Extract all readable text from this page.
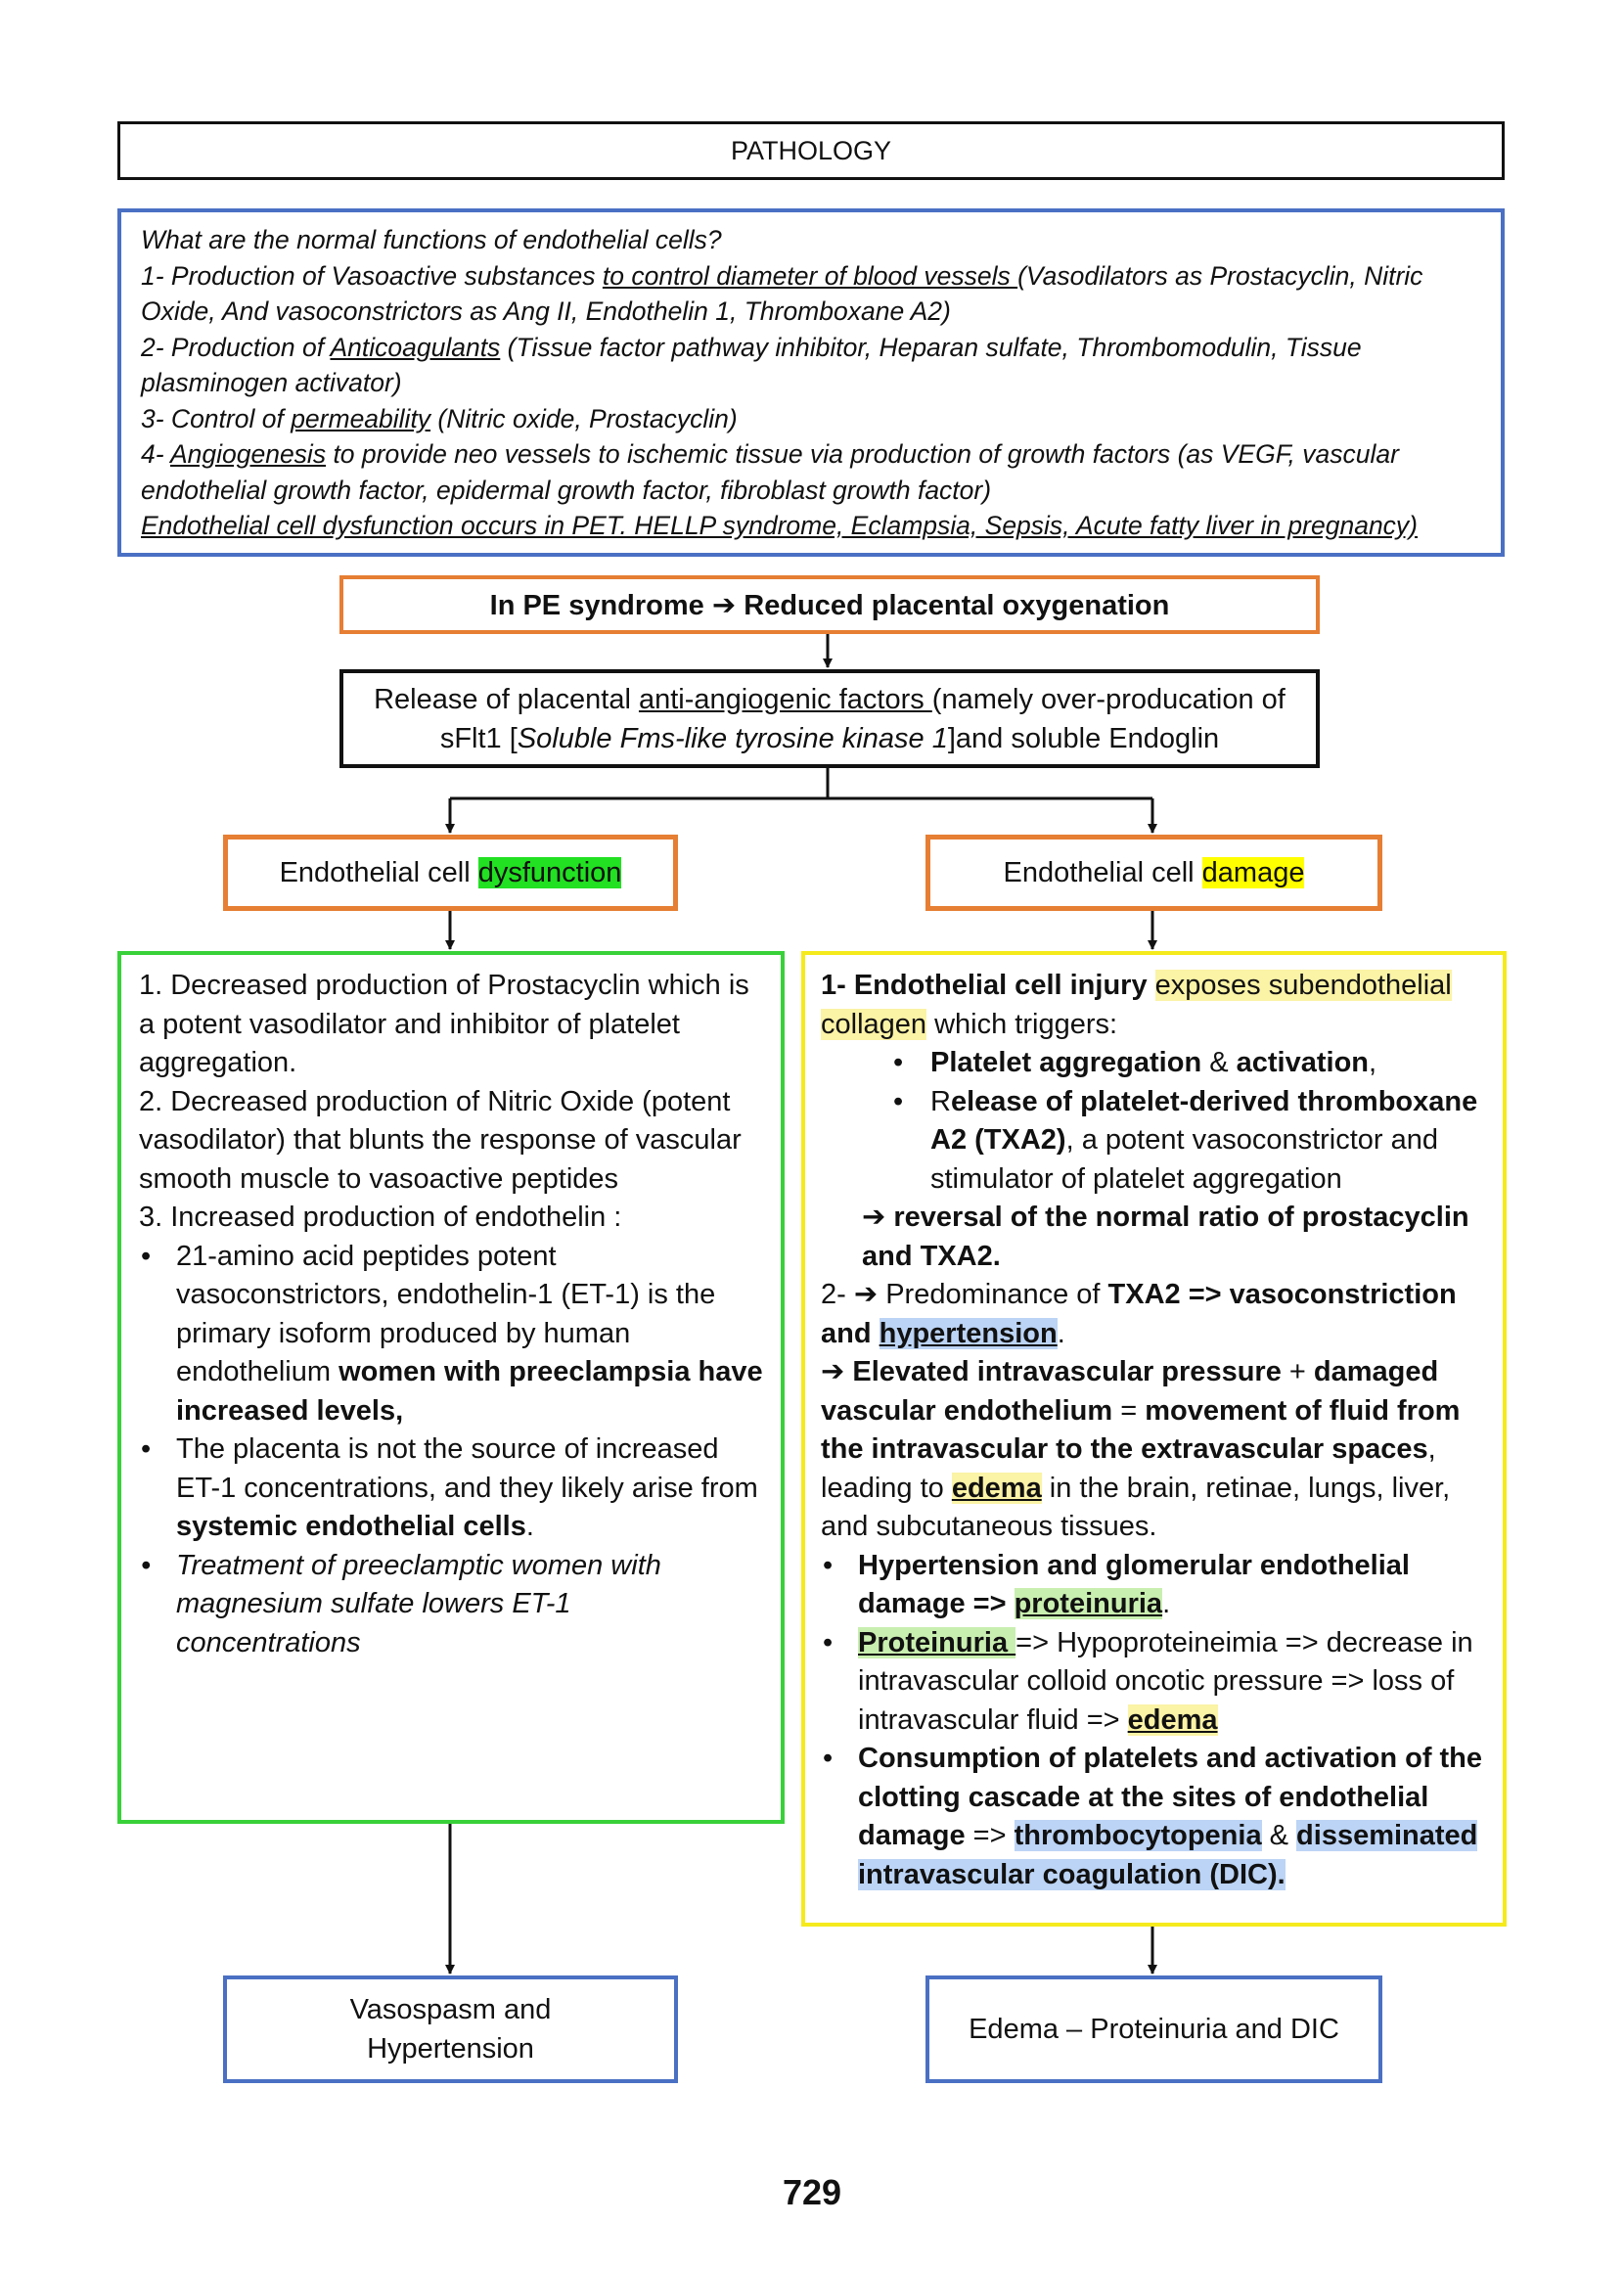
PATHOLOGY

What are the normal functions of endothelial cells?

1- Production of Vasoactive substances to control diameter of blood vessels (Vasodilators as Prostacyclin, Nitric Oxide, And vasoconstrictors as Ang II, Endothelin 1, Thromboxane A2)

2- Production of Anticoagulants (Tissue factor pathway inhibitor, Heparan sulfate, Thrombomodulin, Tissue plasminogen activator)

3- Control of permeability (Nitric oxide, Prostacyclin)

4- Angiogenesis to provide neo vessels to ischemic tissue via production of growth factors (as VEGF, vascular endothelial growth factor, epidermal growth factor, fibroblast growth factor)

Endothelial cell dysfunction occurs in PET. HELLP syndrome, Eclampsia, Sepsis, Acute fatty liver in pregnancy)

In PE syndrome ➔ Reduced placental oxygenation
Release of placental anti-angiogenic factors (namely over-producation of sFlt1 [Soluble Fms-like tyrosine kinase 1]and soluble Endoglin
Endothelial cell dysfunction	Endothelial cell damage

1. Decreased production of Prostacyclin which is a potent vasodilator and inhibitor of platelet aggregation.

2. Decreased production of Nitric Oxide (potent vasodilator) that blunts the response of vascular smooth muscle to vasoactive peptides

3. Increased production of endothelin :

• 21-amino acid peptides potent vasoconstrictors, endothelin-1 (ET-1) is the primary isoform produced by human endothelium women with preeclampsia have increased levels,

• The placenta is not the source of increased ET-1 concentrations, and they likely arise from systemic endothelial cells.

• Treatment of preeclamptic women with magnesium sulfate lowers ET-1 concentrations

1- Endothelial cell injury exposes subendothelial collagen which triggers:

• Platelet aggregation & activation,

• Release of platelet-derived thromboxane A2 (TXA2), a potent vasoconstrictor and stimulator of platelet aggregation

➔ reversal of the normal ratio of prostacyclin and TXA2.

2- ➔ Predominance of TXA2 => vasoconstriction and hypertension.

➔ Elevated intravascular pressure + damaged vascular endothelium = movement of fluid from the intravascular to the extravascular spaces, leading to edema in the brain, retinae, lungs, liver, and subcutaneous tissues.

• Hypertension and glomerular endothelial damage => proteinuria.

• Proteinuria => Hypoproteineimia => decrease in intravascular colloid oncotic pressure => loss of intravascular fluid => edema

• Consumption of platelets and activation of the clotting cascade at the sites of endothelial damage => thrombocytopenia & disseminated intravascular coagulation (DIC).

Vasospasm and Hypertension
Edema – Proteinuria and DIC
729
